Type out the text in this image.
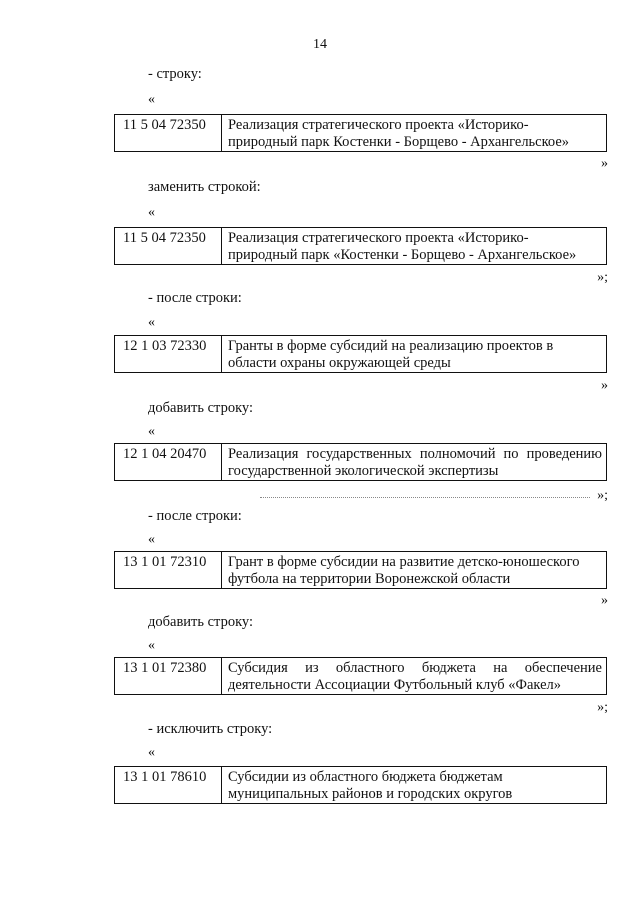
14
- строку:
«
11 5 04 72350	Реализация стратегического проекта «Историко-
природный парк Костенки - Борщево - Архангельское»
»
заменить строкой:
«
11 5 04 72350	Реализация стратегического проекта «Историко-
природный парк «Костенки - Борщево - Архангельское»
»;
- после строки:
«
12 1 03 72330	Гранты в форме субсидий на реализацию проектов в
области охраны окружающей среды
»
добавить строку:
«
12 1 04 20470	Реализация государственных полномочий по проведению
государственной экологической экспертизы
»;
- после строки:
«
13 1 01 72310	Грант в форме субсидии на развитие детско-юношеского
футбола на территории Воронежской области
»
добавить строку:
«
13 1 01 72380	Субсидия из областного бюджета на обеспечение
деятельности Ассоциации Футбольный клуб «Факел»
»;
- исключить строку:
«
13 1 01 78610	Субсидии из областного бюджета бюджетам
муниципальных районов и городских округов
